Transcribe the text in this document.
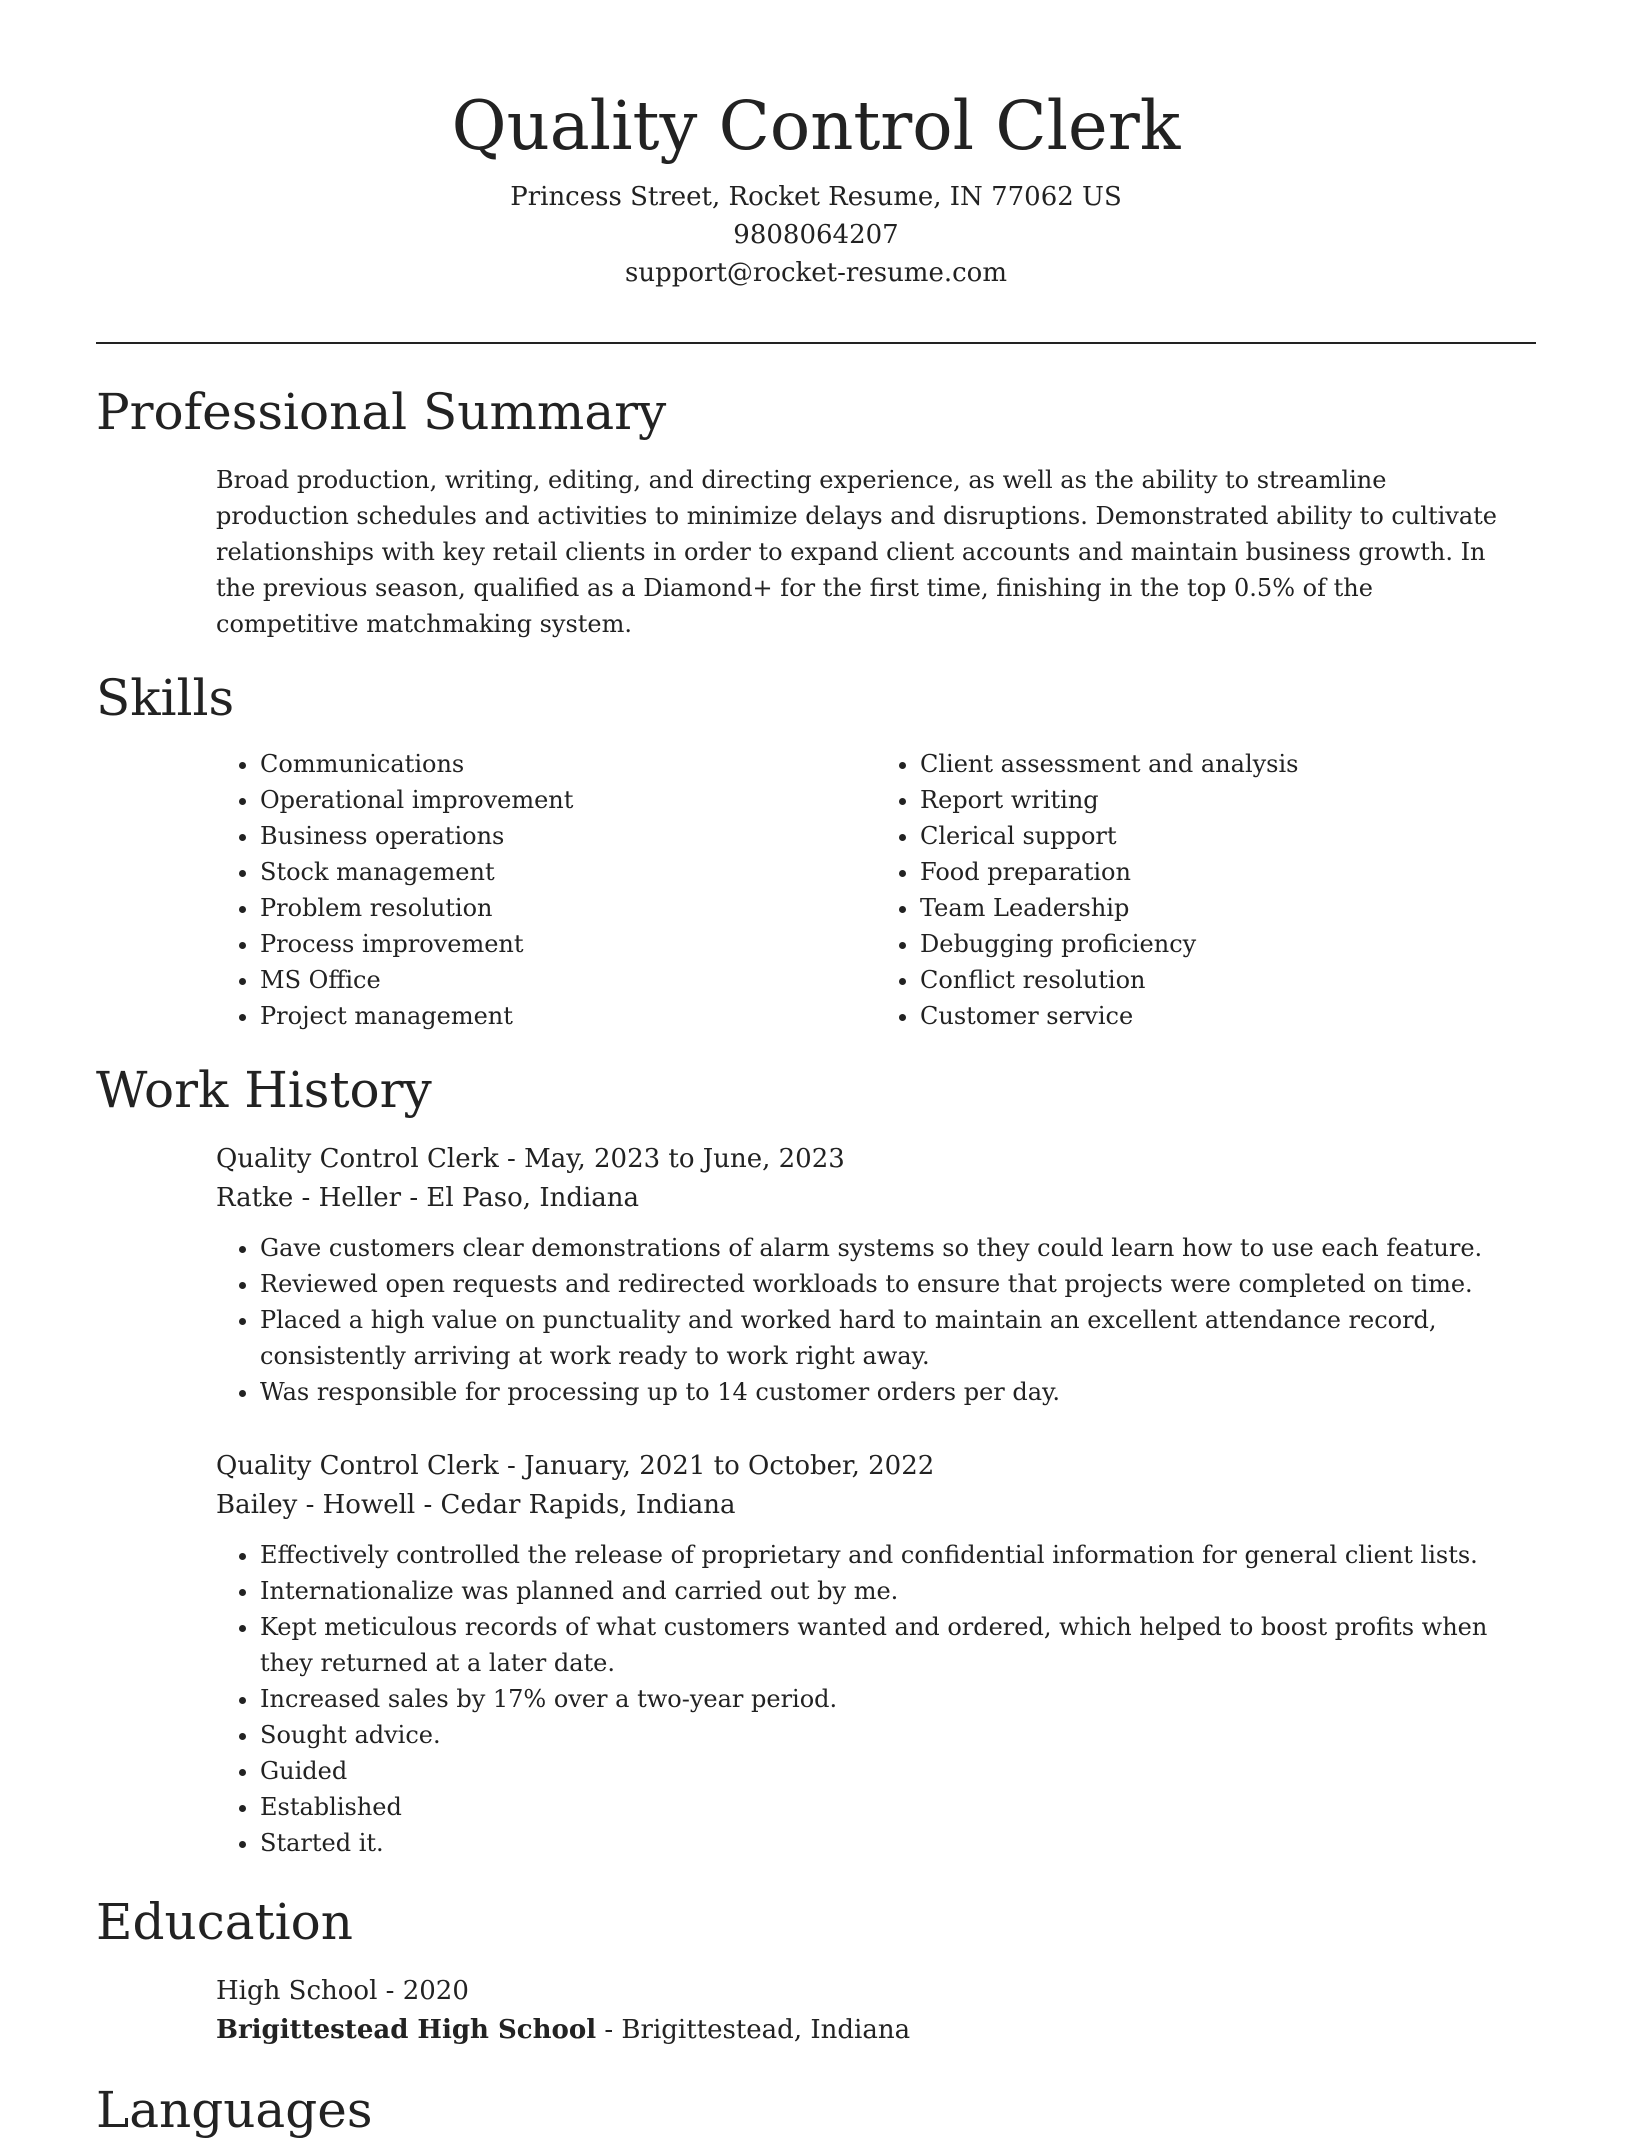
Quality Control Clerk
Princess Street, Rocket Resume, IN 77062 US
9808064207
support@rocket-resume.com
Professional Summary

Broad production, writing, editing, and directing experience, as well as the ability to streamline production schedules and activities to minimize delays and disruptions. Demonstrated ability to cultivate relationships with key retail clients in order to expand client accounts and maintain business growth. In the previous season, qualified as a Diamond+ for the first time, finishing in the top 0.5% of the competitive matchmaking system.

Skills
• Communications
• Operational improvement
• Business operations
• Stock management
• Problem resolution
• Process improvement
• MS Office
• Project management
• Client assessment and analysis
• Report writing
• Clerical support
• Food preparation
• Team Leadership
• Debugging proficiency
• Conflict resolution
• Customer service
Work History
Quality Control Clerk - May, 2023 to June, 2023
Ratke - Heller - El Paso, Indiana
• Gave customers clear demonstrations of alarm systems so they could learn how to use each feature.
• Reviewed open requests and redirected workloads to ensure that projects were completed on time.
• Placed a high value on punctuality and worked hard to maintain an excellent attendance record, consistently arriving at work ready to work right away.
• Was responsible for processing up to 14 customer orders per day.
Quality Control Clerk - January, 2021 to October, 2022
Bailey - Howell - Cedar Rapids, Indiana
• Effectively controlled the release of proprietary and confidential information for general client lists.
• Internationalize was planned and carried out by me.
• Kept meticulous records of what customers wanted and ordered, which helped to boost profits when they returned at a later date.
• Increased sales by 17% over a two-year period.
• Sought advice.
• Guided
• Established
• Started it.
Education
High School - 2020
Brigittestead High School - Brigittestead, Indiana
Languages
